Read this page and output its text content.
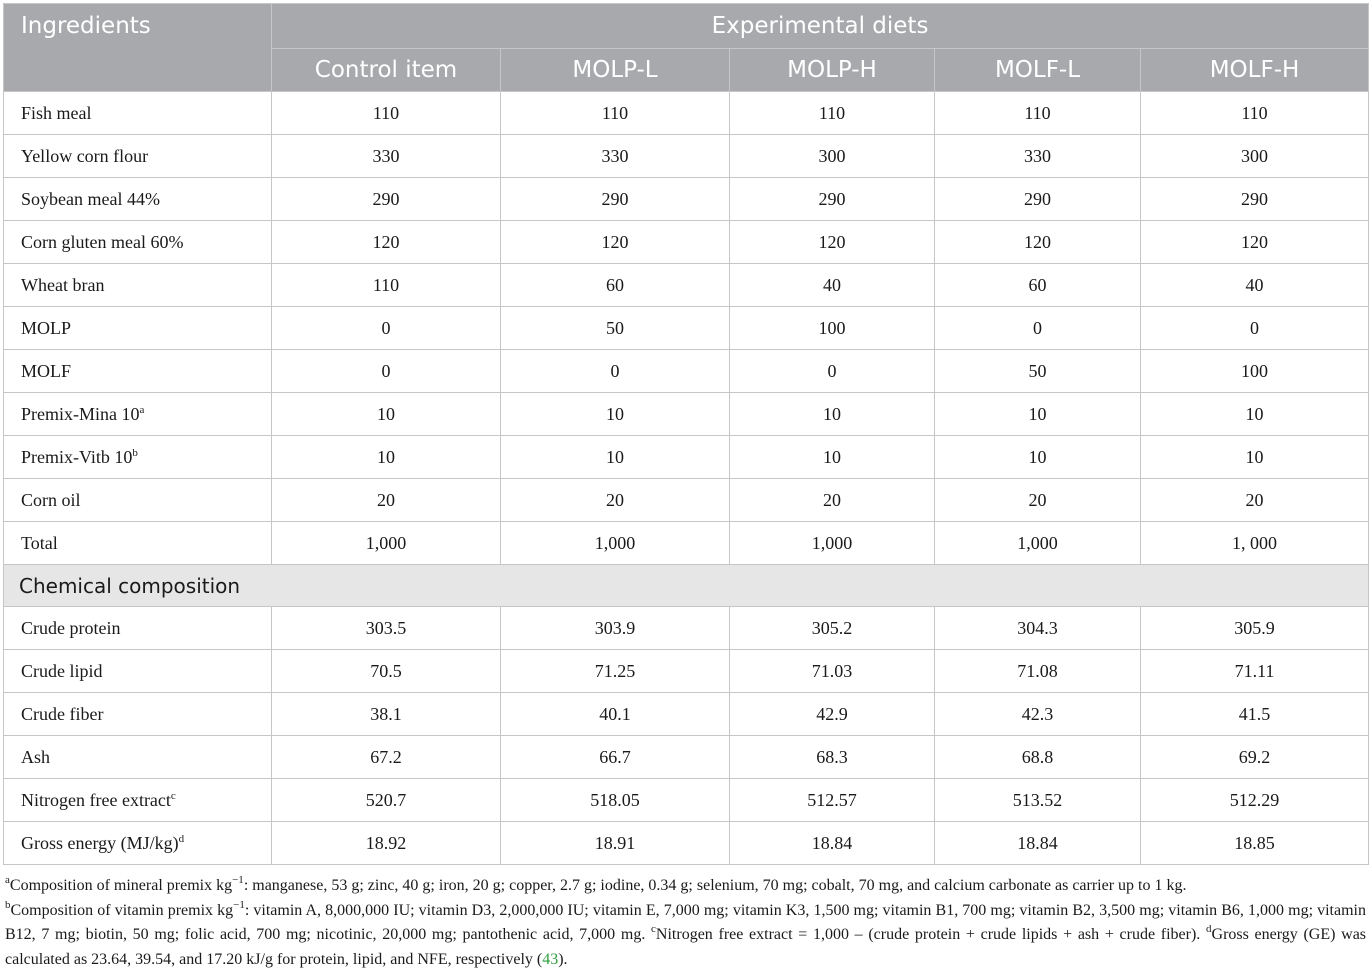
Ingredients	Experimental diets				
	Control item	MOLP-L	MOLP-H	MOLF-L	MOLF-H
Fish meal	110	110	110	110	110
Yellow corn flour	330	330	300	330	300
Soybean meal 44%	290	290	290	290	290
Corn gluten meal 60%	120	120	120	120	120
Wheat bran	110	60	40	60	40
MOLP	0	50	100	0	0
MOLF	0	0	0	50	100
Premix-Mina 10$^a$	10	10	10	10	10
Premix-Vitb 10$^b$	10	10	10	10	10
Corn oil	20	20	20	20	20
Total	1,000	1,000	1,000	1,000	1, 000
Chemical composition					
Crude protein	303.5	303.9	305.2	304.3	305.9
Crude lipid	70.5	71.25	71.03	71.08	71.11
Crude fiber	38.1	40.1	42.9	42.3	41.5
Ash	67.2	66.7	68.3	68.8	69.2
Nitrogen free extract$^c$	520.7	518.05	512.57	513.52	512.29
Gross energy $(MJ/kg)^d$	18.92	18.91	18.84	18.84	18.85

$^a$Composition of mineral premix $kg^{-1}$: manganese, 53 g; zinc, 40 g; iron, 20 g; copper, 2.7 g; iodine, 0.34 g; selenium, 70 mg; cobalt, 70 mg, and calcium carbonate as carrier up to 1 kg.

$^b$Composition of vitamin premix $kg^{-1}$: vitamin A, 8,000,000 IU; vitamin D3, 2,000,000 IU; vitamin E, 7,000 mg; vitamin K3, 1,500 mg; vitamin B1, 700 mg; vitamin B2, 3,500 mg; vitamin B6, 1,000 mg; vitamin B12, 7 mg; biotin, 50 mg; folic acid, 700 mg; nicotinic, 20,000 mg; pantothenic acid, 7,000 mg. $^c$Nitrogen free extract = 1,000 – (crude protein + crude lipids + ash + crude fiber). $^d$Gross energy (GE) was calculated as 23.64, 39.54, and 17.20 kJ/g for protein, lipid, and NFE, respectively (43).
